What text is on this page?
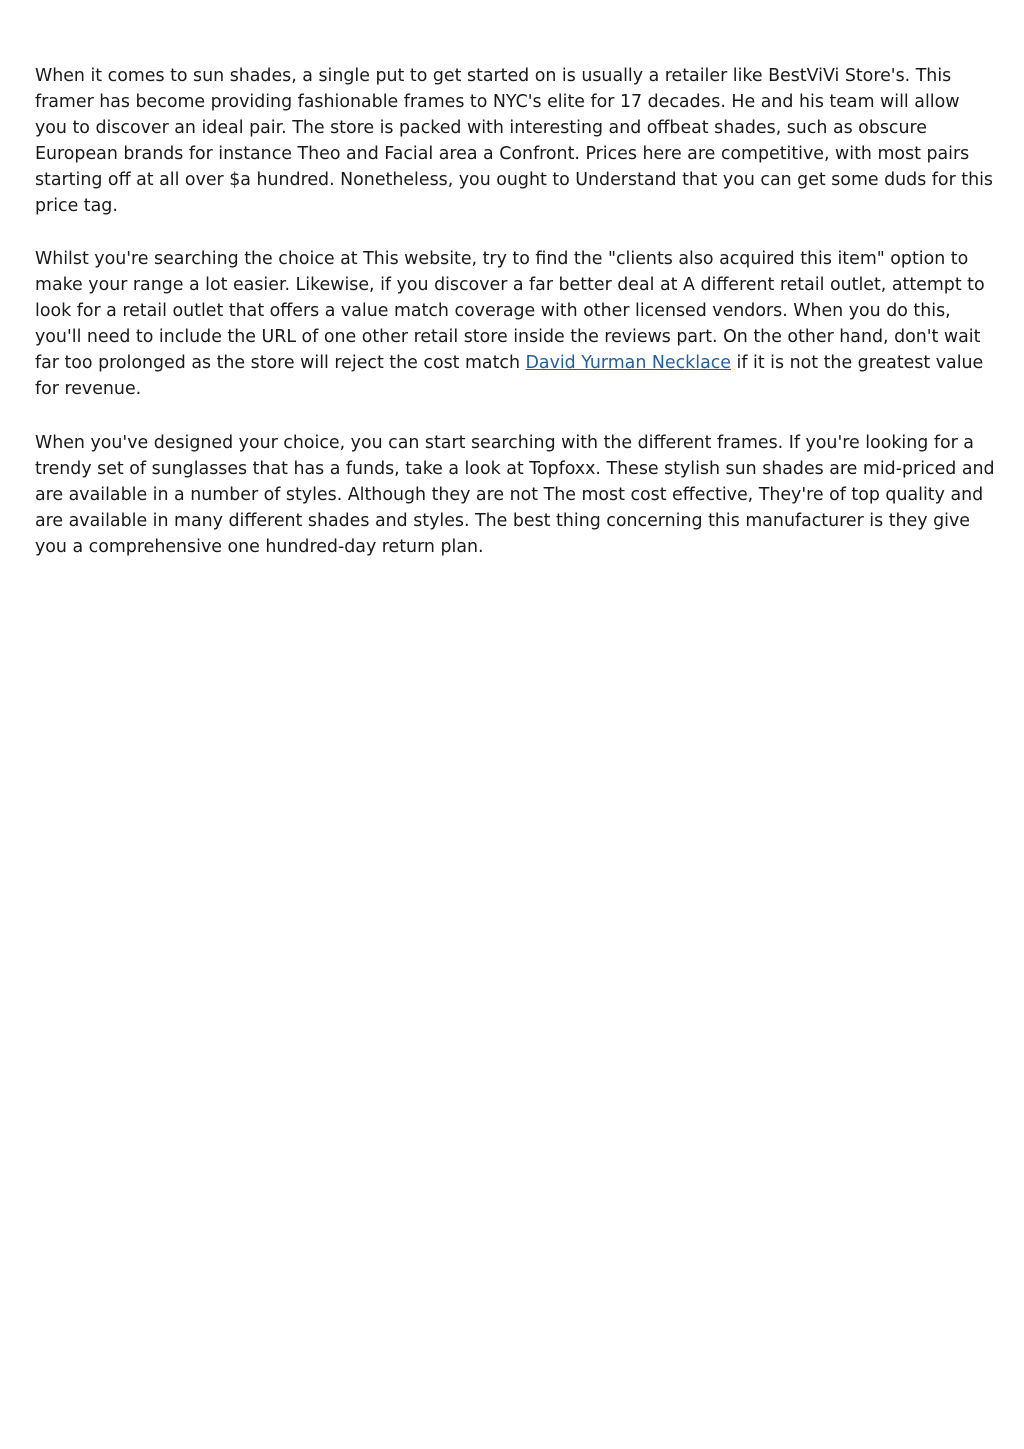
When it comes to sun shades, a single put to get started on is usually a retailer like BestViVi Store's. This framer has become providing fashionable frames to NYC's elite for 17 decades. He and his team will allow you to discover an ideal pair. The store is packed with interesting and offbeat shades, such as obscure European brands for instance Theo and Facial area a Confront. Prices here are competitive, with most pairs starting off at all over $a hundred. Nonetheless, you ought to Understand that you can get some duds for this price tag.

Whilst you're searching the choice at This website, try to find the "clients also acquired this item" option to make your range a lot easier. Likewise, if you discover a far better deal at A different retail outlet, attempt to look for a retail outlet that offers a value match coverage with other licensed vendors. When you do this, you'll need to include the URL of one other retail store inside the reviews part. On the other hand, don't wait far too prolonged as the store will reject the cost match David Yurman Necklace if it is not the greatest value for revenue.

When you've designed your choice, you can start searching with the different frames. If you're looking for a trendy set of sunglasses that has a funds, take a look at Topfoxx. These stylish sun shades are mid-priced and are available in a number of styles. Although they are not The most cost effective, They're of top quality and are available in many different shades and styles. The best thing concerning this manufacturer is they give you a comprehensive one hundred-day return plan.
